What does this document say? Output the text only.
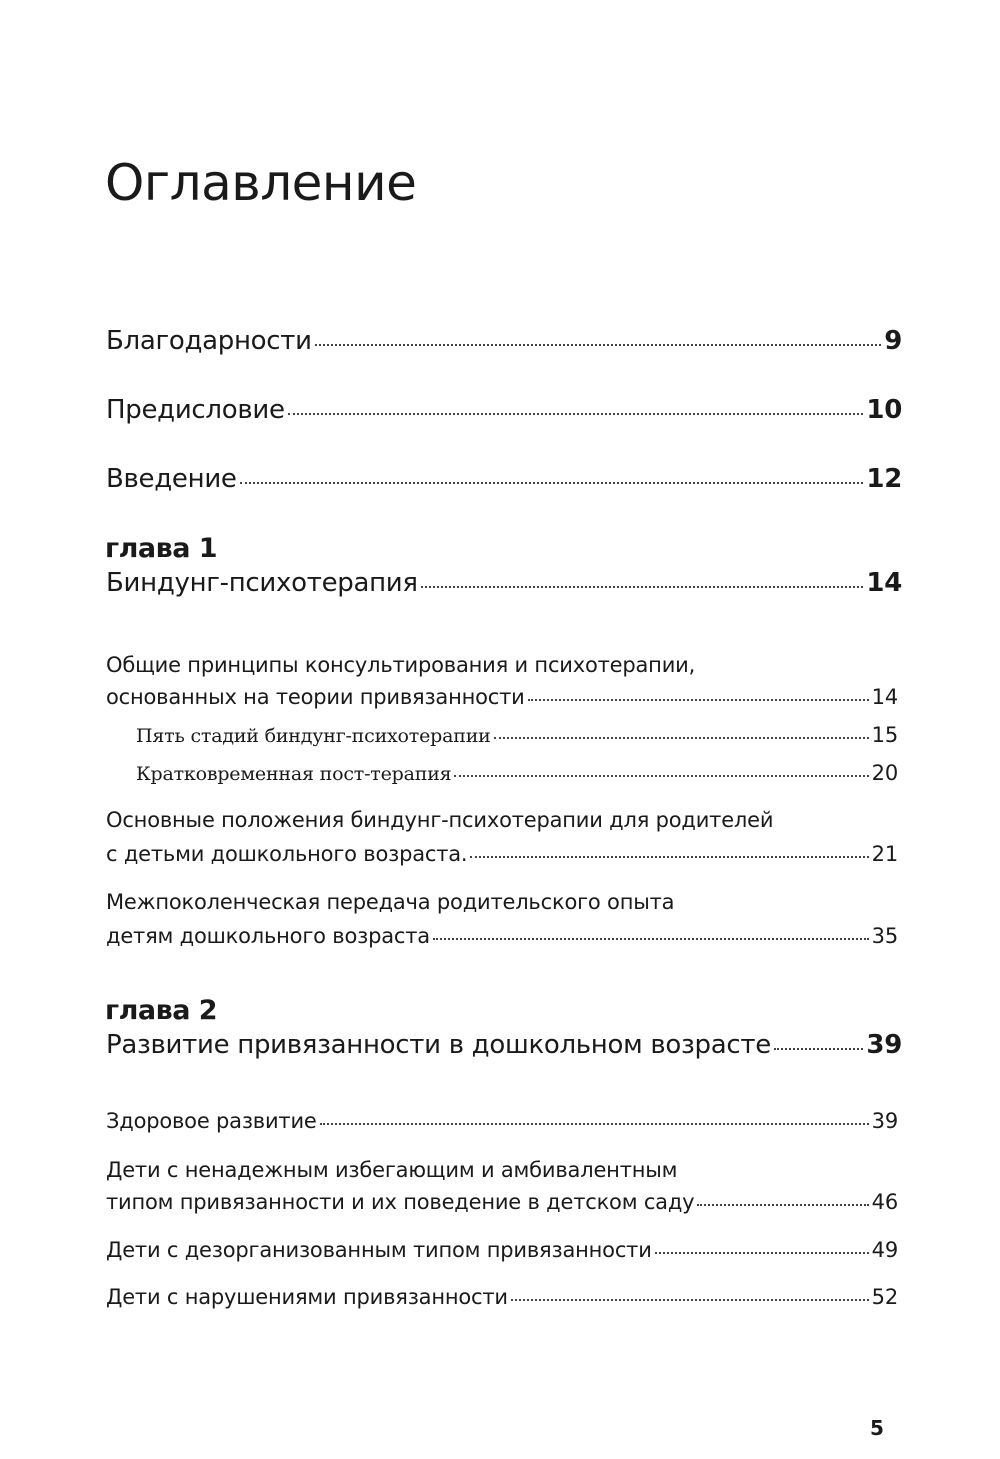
Оглавление
Благодарности	9
Предисловие	10
Введение	12
глава 1
Биндунг-психотерапия	14
Общие принципы консультирования и психотерапии,
основанных на теории привязанности	14
Пять стадий биндунг-психотерапии	15
Кратковременная пост-терапия	20
Основные положения биндунг-психотерапии для родителей
с детьми дошкольного возраста.	21
Межпоколенческая передача родительского опыта
детям дошкольного возраста	35
глава 2
Развитие привязанности в дошкольном возрасте	39
Здоровое развитие	39
Дети с ненадежным избегающим и амбивалентным
типом привязанности и их поведение в детском саду	46
Дети с дезорганизованным типом привязанности	49
Дети с нарушениями привязанности	52
5
